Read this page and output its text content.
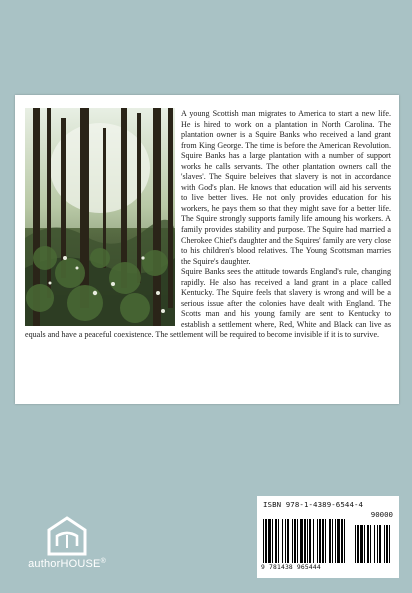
A young Scottish man migrates to America to start a new life. He is hired to work on a plantation in North Carolina. The plantation owner is a Squire Banks who received a land grant from King George. The time is before the American Revolution. Squire Banks has a large plantation with a number of support works he calls servants. The other plantation owners call the 'slaves'. The Squire beleives that slavery is not in accordance with God's plan. He knows that education will aid his servents to live better lives. He not only provides education for his workers, he pays them so that they might save for a better life. The Squire strongly supports family life amoung his workers. A family provides stability and purpose. The Squire had married a Cherokee Chief's daughter and the Squires' family are very close to his children's blood relatives. The Young Scottsman marries the Squire's daughter.

Squire Banks sees the attitude towards England's rule, changing rapidly. He also has received a land grant in a place called Kentucky. The Squire feels that slavery is wrong and will be a serious issue after the colonies have dealt with England. The Scotts man and his young family are sent to Kentucky to establish a settlement where, Red, White and Black can live as equals and have a peaceful coexistence. The settlement will be required to become invisible if it is to survive.

authorHOUSE®
ISBN 978-1-4389-6544-4
90000
9 781438 965444
